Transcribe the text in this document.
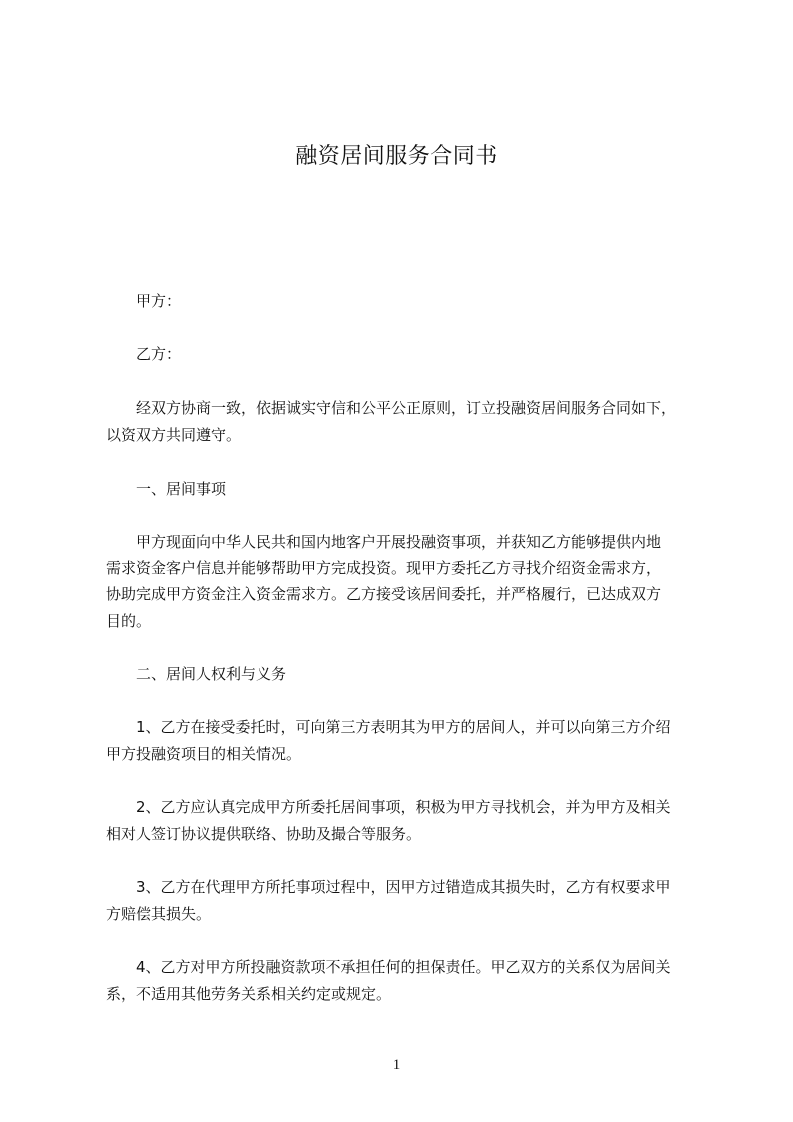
融资居间服务合同书
甲方：
乙方：
经双方协商一致，依据诚实守信和公平公正原则，订立投融资居间服务合同如下，
以资双方共同遵守。
一、居间事项
甲方现面向中华人民共和国内地客户开展投融资事项，并获知乙方能够提供内地
需求资金客户信息并能够帮助甲方完成投资。现甲方委托乙方寻找介绍资金需求方，
协助完成甲方资金注入资金需求方。乙方接受该居间委托，并严格履行，已达成双方
目的。
二、居间人权利与义务
1、乙方在接受委托时，可向第三方表明其为甲方的居间人，并可以向第三方介绍
甲方投融资项目的相关情况。
2、乙方应认真完成甲方所委托居间事项，积极为甲方寻找机会，并为甲方及相关
相对人签订协议提供联络、协助及撮合等服务。
3、乙方在代理甲方所托事项过程中，因甲方过错造成其损失时，乙方有权要求甲
方赔偿其损失。
4、乙方对甲方所投融资款项不承担任何的担保责任。甲乙双方的关系仅为居间关
系，不适用其他劳务关系相关约定或规定。
1
